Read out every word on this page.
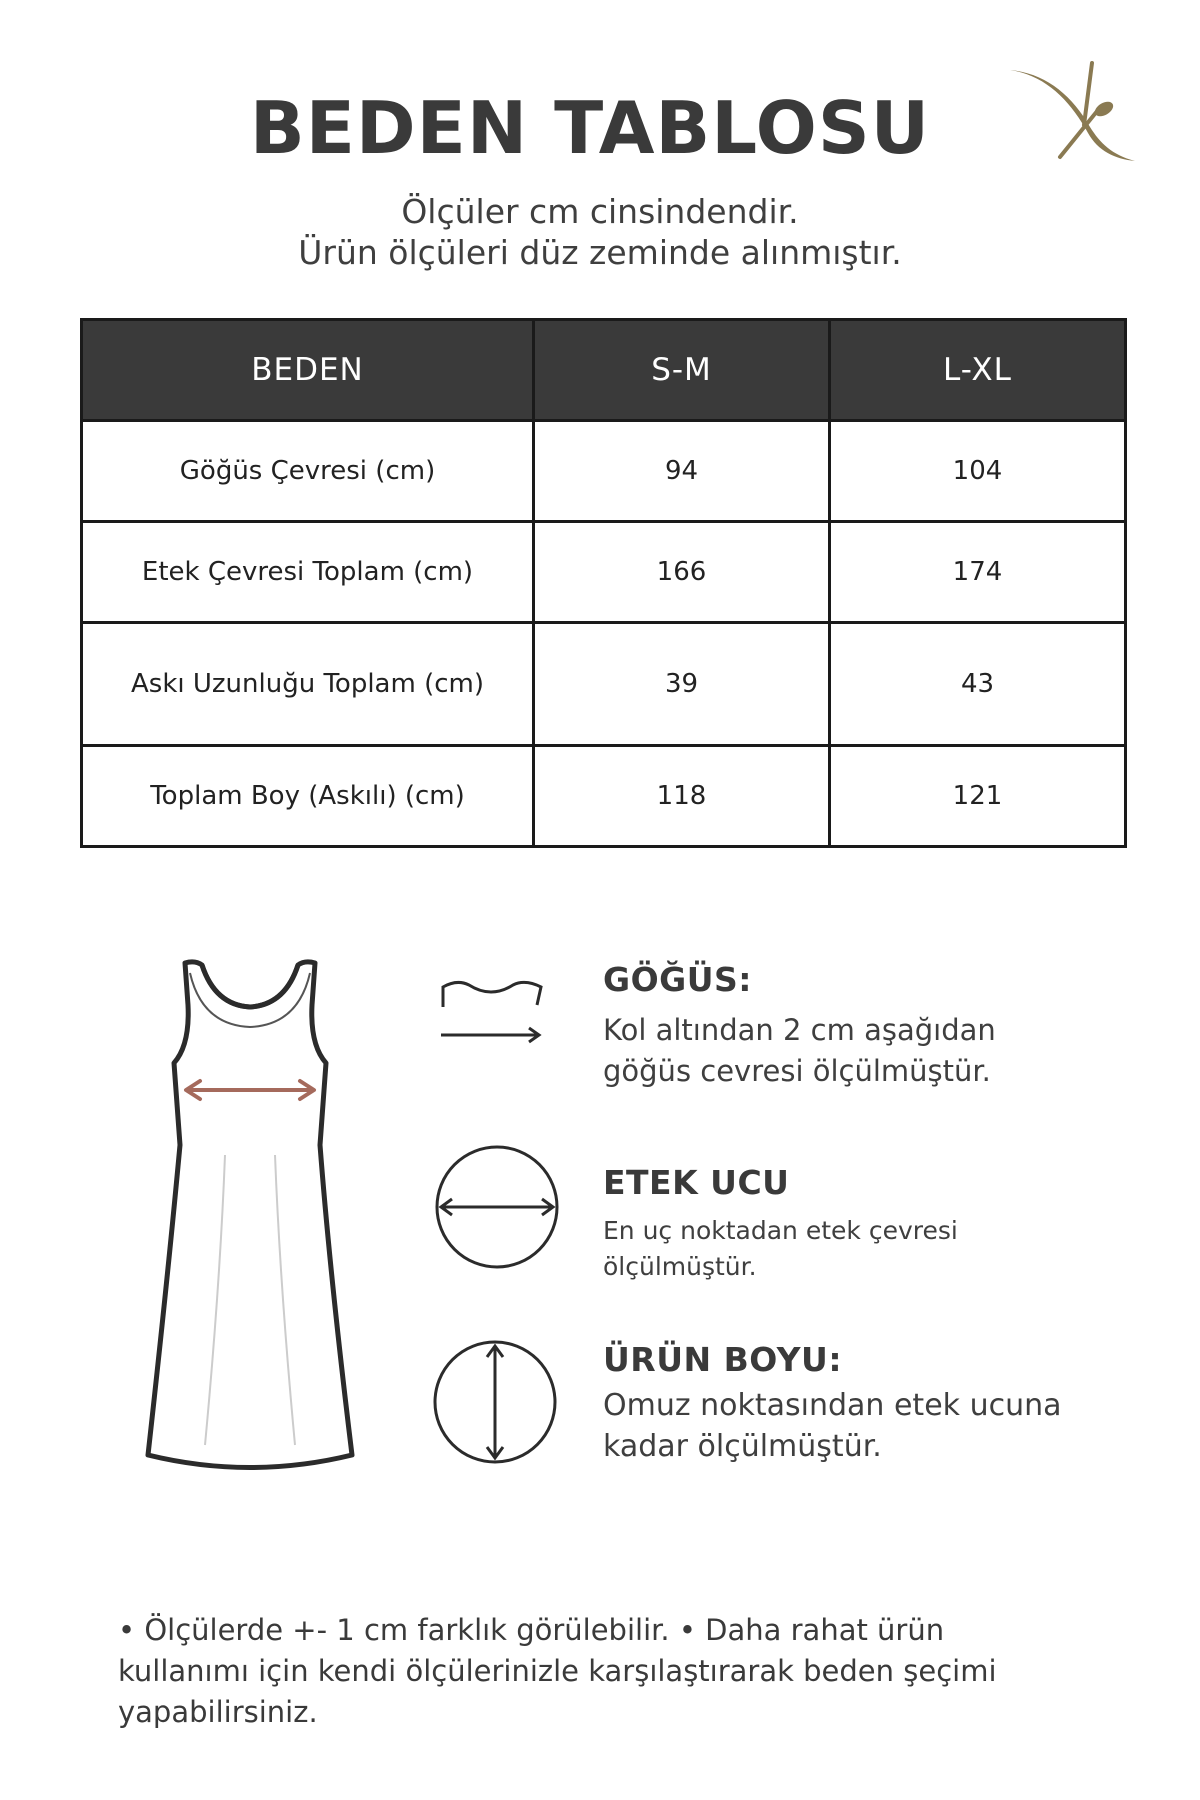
BEDEN TABLOSU
Ölçüler cm cinsindendir.
Ürün ölçüleri düz zeminde alınmıştır.
BEDEN	S-M	L-XL
Göğüs Çevresi (cm)	94	104
Etek Çevresi Toplam (cm)	166	174
Askı Uzunluğu Toplam (cm)	39	43
Toplam Boy (Askılı) (cm)	118	121
GÖĞÜS:
Kol altından 2 cm aşağıdan
göğüs cevresi ölçülmüştür.
ETEK UCU
En uç noktadan etek çevresi
ölçülmüştür.
ÜRÜN BOYU:
Omuz noktasından etek ucuna
kadar ölçülmüştür.
• Ölçülerde +- 1 cm farklık görülebilir. • Daha rahat ürün kullanımı için kendi ölçülerinizle karşılaştırarak beden şeçimi yapabilirsiniz.
